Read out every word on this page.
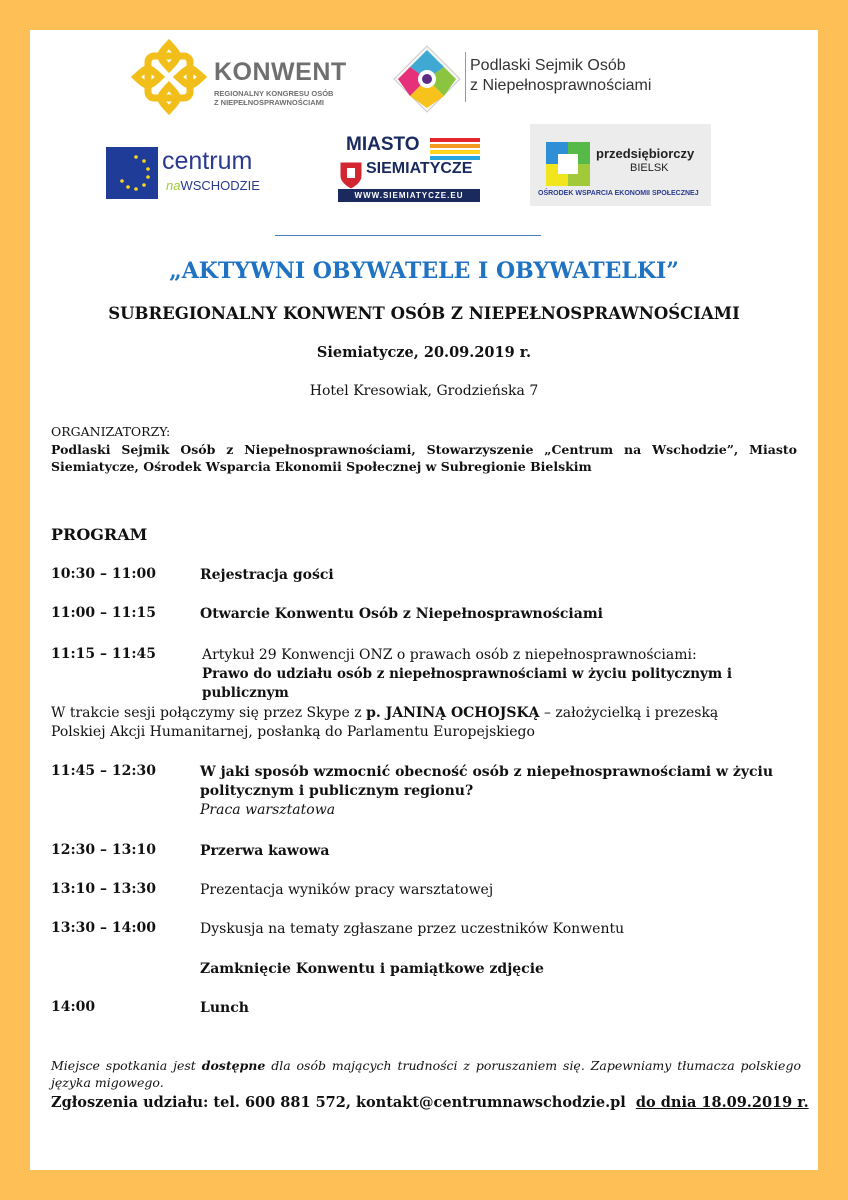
KONWENT
REGIONALNY KONGRESU OSÓB
Z NIEPEŁNOSPRAWNOŚCIAMI
Podlaski Sejmik Osób
z Niepełnosprawnościami
centrum
naWSCHODZIE
MIASTO
SIEMIATYCZE
WWW.SIEMIATYCZE.EU
przedsiębiorczy
BIELSK
OŚRODEK WSPARCIA EKONOMII SPOŁECZNEJ
„AKTYWNI OBYWATELE I OBYWATELKI”
SUBREGIONALNY KONWENT OSÓB Z NIEPEŁNOSPRAWNOŚCIAMI
Siemiatycze, 20.09.2019 r.
Hotel Kresowiak, Grodzieńska 7
ORGANIZATORZY:
Podlaski Sejmik Osób z Niepełnosprawnościami, Stowarzyszenie „Centrum na Wschodzie”, Miasto Siemiatycze, Ośrodek Wsparcia Ekonomii Społecznej w Subregionie Bielskim
PROGRAM
10:30 – 11:00	Rejestracja gości
11:00 – 11:15	Otwarcie Konwentu Osób z Niepełnosprawnościami
11:15 – 11:45	Artykuł 29 Konwencji ONZ o prawach osób z niepełnosprawnościami:
Prawo do udziału osób z niepełnosprawnościami w życiu politycznym i publicznym
W trakcie sesji połączymy się przez Skype z p. JANINĄ OCHOJSKĄ – założycielką i prezeską
Polskiej Akcji Humanitarnej, posłanką do Parlamentu Europejskiego
11:45 – 12:30	W jaki sposób wzmocnić obecność osób z niepełnosprawnościami w życiu
politycznym i publicznym regionu?
Praca warsztatowa
12:30 – 13:10	Przerwa kawowa
13:10 – 13:30	Prezentacja wyników pracy warsztatowej
13:30 – 14:00	Dyskusja na tematy zgłaszane przez uczestników Konwentu
Zamknięcie Konwentu i pamiątkowe zdjęcie
14:00	Lunch
Miejsce spotkania jest dostępne dla osób mających trudności z poruszaniem się. Zapewniamy tłumacza polskiego języka migowego.
Zgłoszenia udziału: tel. 600 881 572, kontakt@centrumnawschodzie.pl do dnia 18.09.2019 r.
